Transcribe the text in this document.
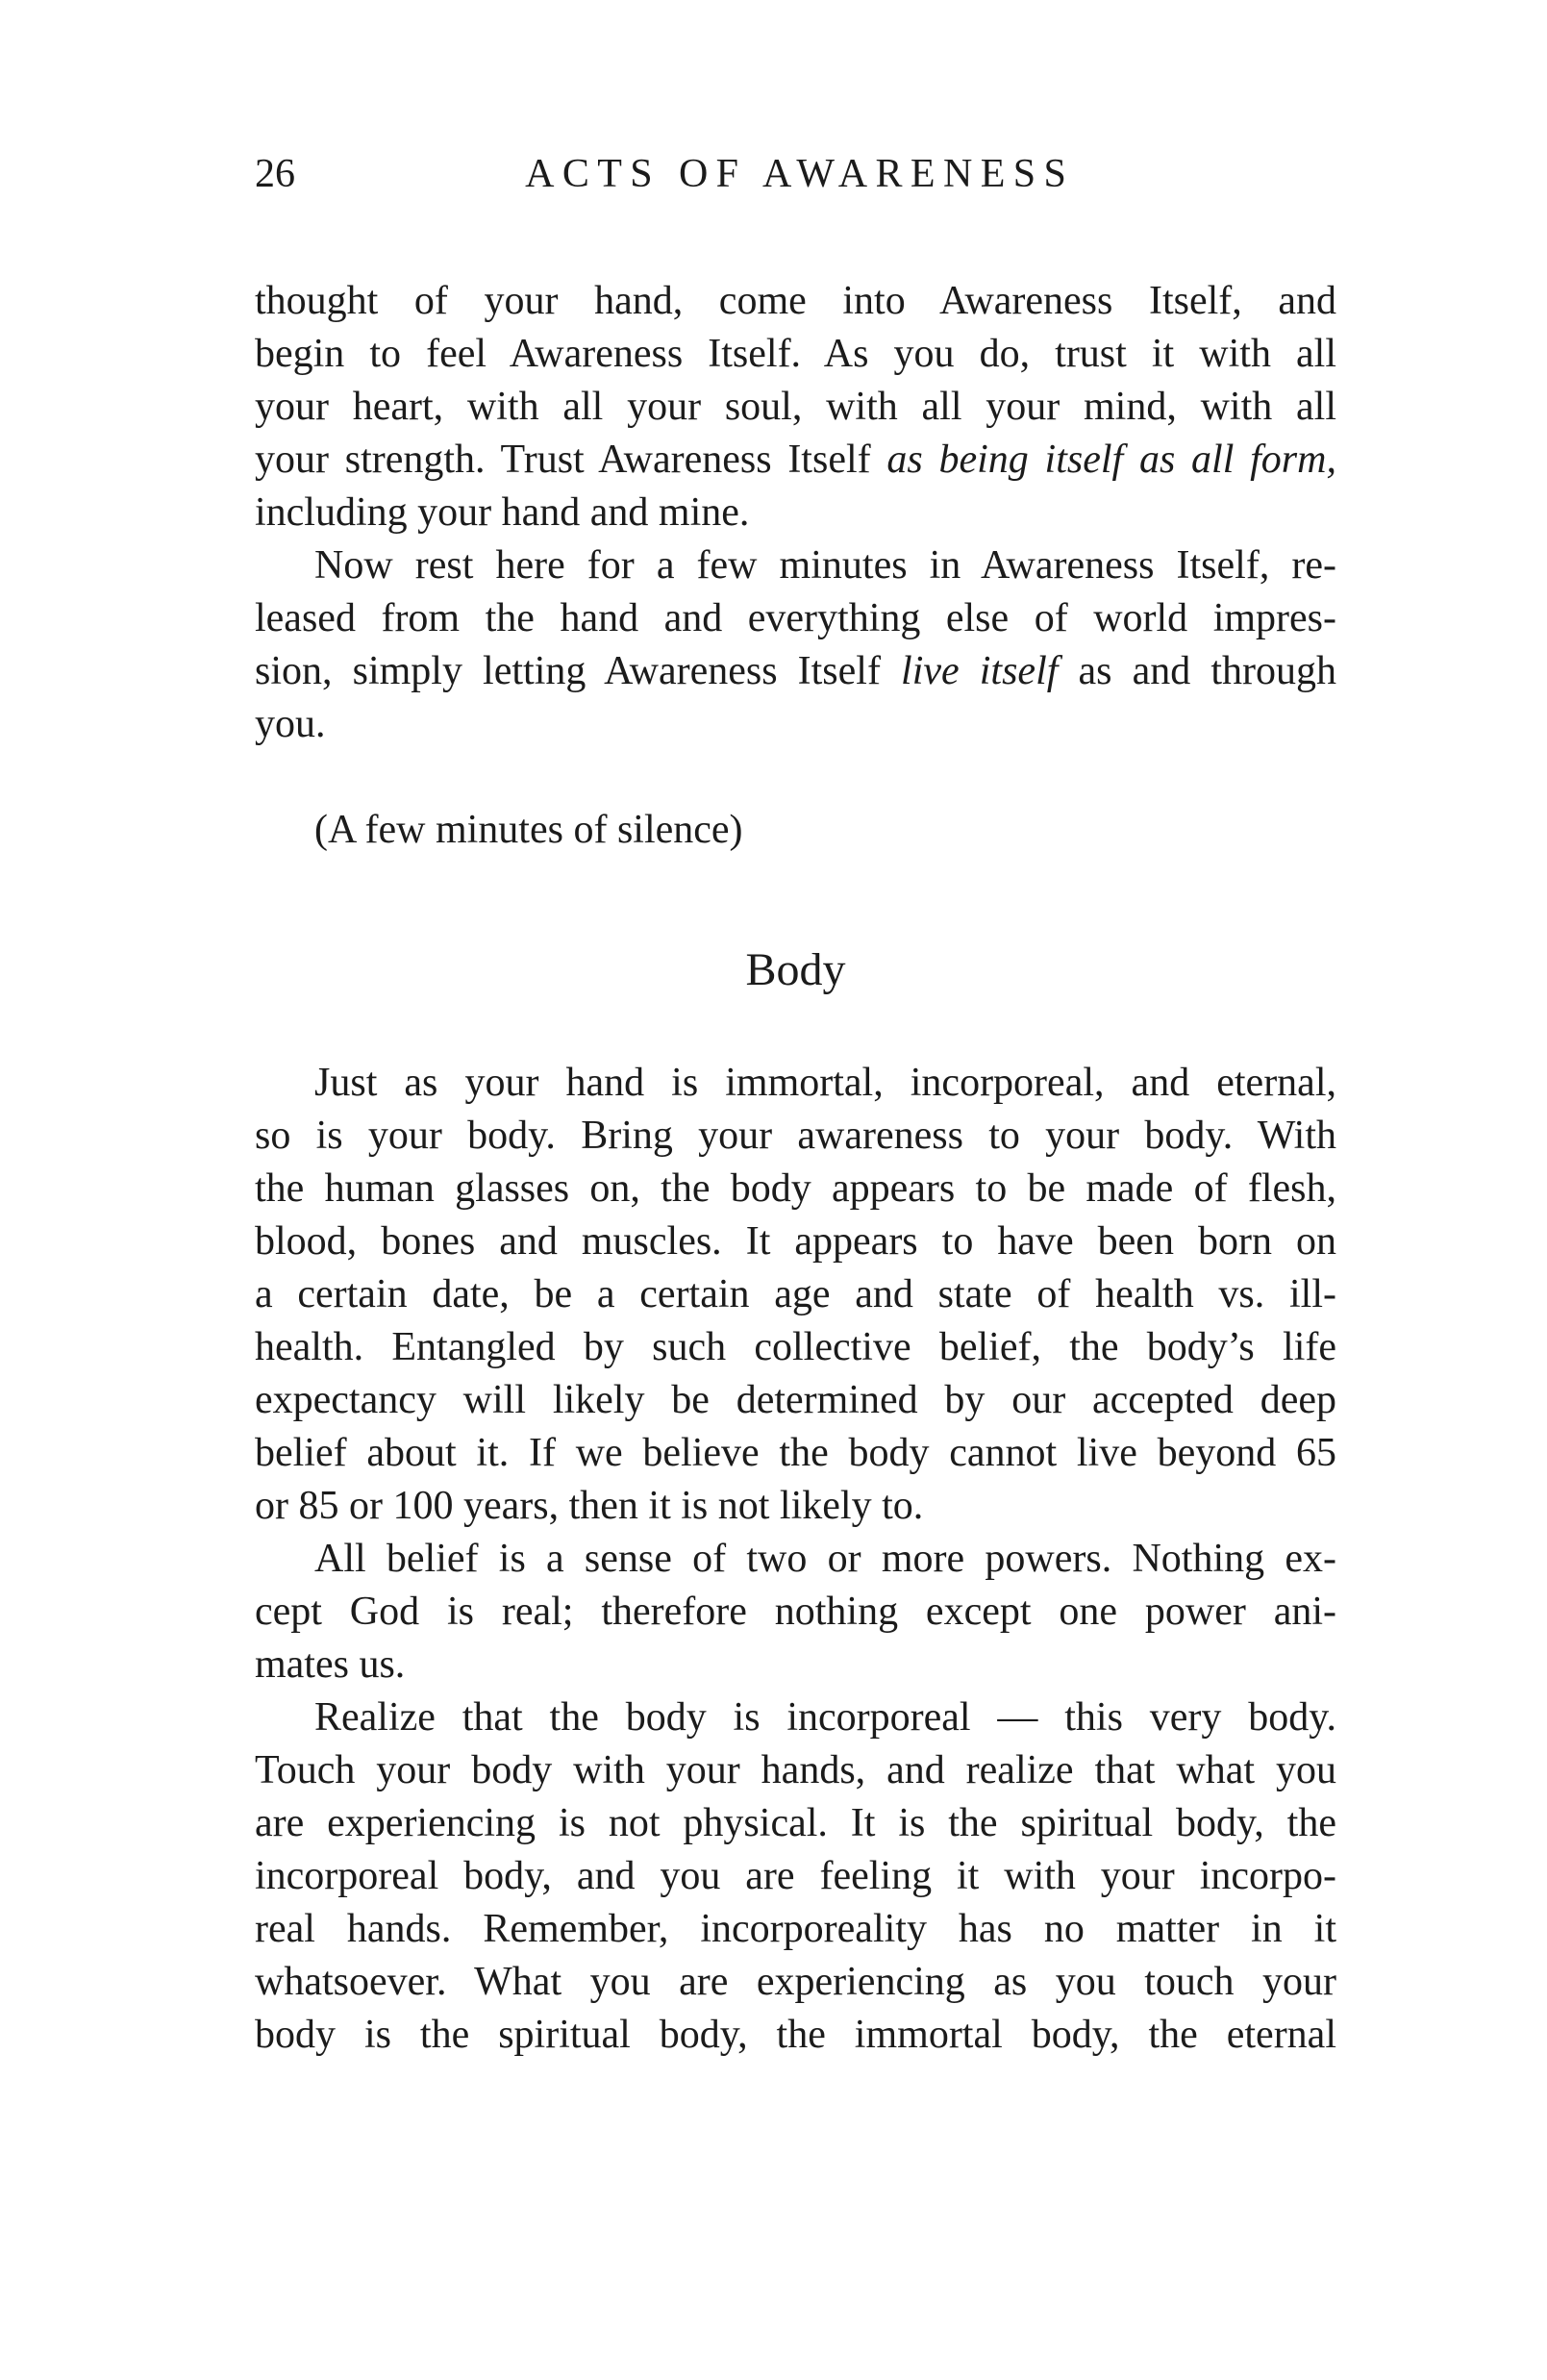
26	ACTS OF AWARENESS
thought of your hand, come into Awareness Itself, and
begin to feel Awareness Itself. As you do, trust it with all
your heart, with all your soul, with all your mind, with all
your strength. Trust Awareness Itself as being itself as all form,
including your hand and mine.
Now rest here for a few minutes in Awareness Itself, re-
leased from the hand and everything else of world impres-
sion, simply letting Awareness Itself live itself as and through
you.
(A few minutes of silence)
Body
Just as your hand is immortal, incorporeal, and eternal,
so is your body. Bring your awareness to your body. With
the human glasses on, the body appears to be made of flesh,
blood, bones and muscles. It appears to have been born on
a certain date, be a certain age and state of health vs. ill-
health. Entangled by such collective belief, the body’s life
expectancy will likely be determined by our accepted deep
belief about it. If we believe the body cannot live beyond 65
or 85 or 100 years, then it is not likely to.
All belief is a sense of two or more powers. Nothing ex-
cept God is real; therefore nothing except one power ani-
mates us.
Realize that the body is incorporeal — this very body.
Touch your body with your hands, and realize that what you
are experiencing is not physical. It is the spiritual body, the
incorporeal body, and you are feeling it with your incorpo-
real hands. Remember, incorporeality has no matter in it
whatsoever. What you are experiencing as you touch your
body is the spiritual body, the immortal body, the eternal
